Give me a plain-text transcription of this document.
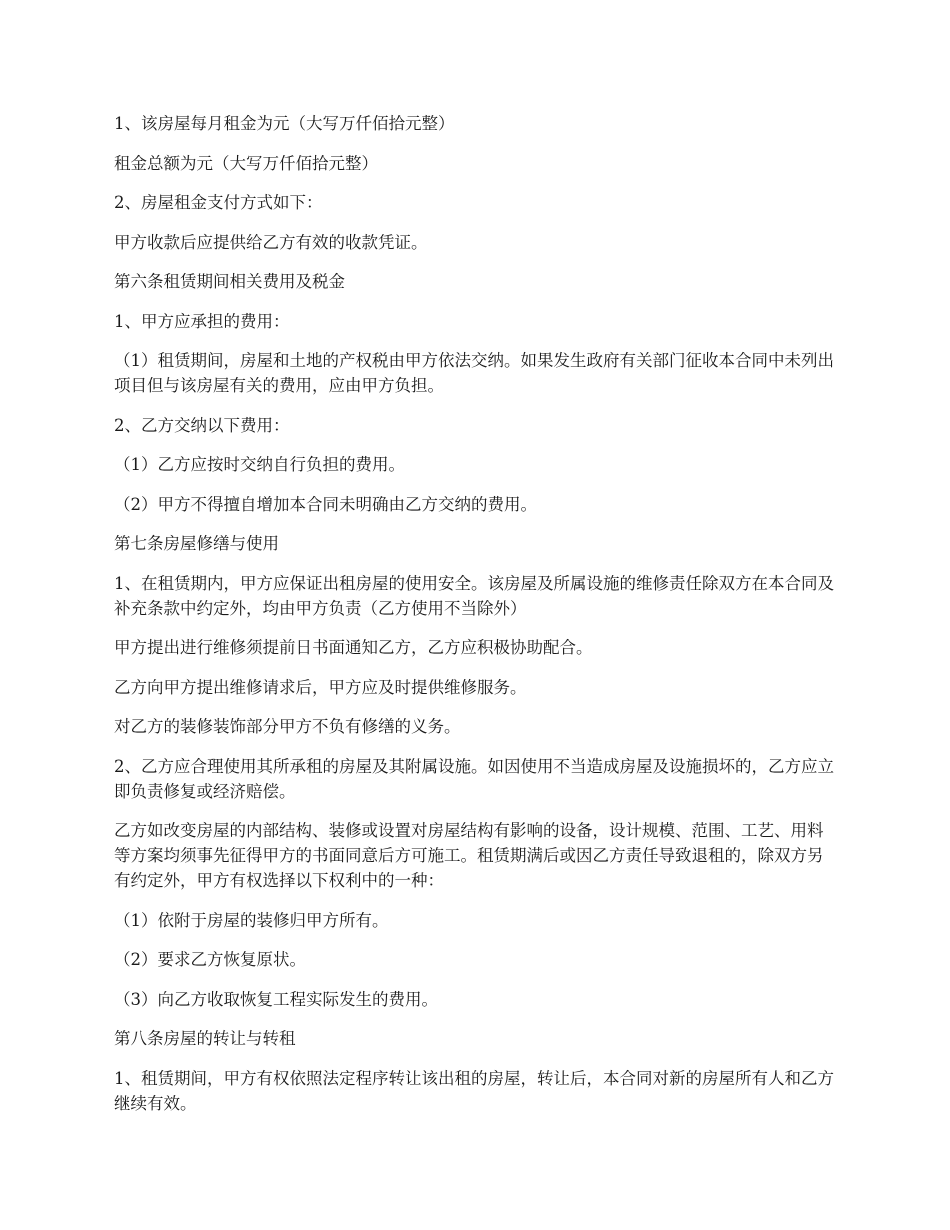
1、该房屋每月租金为元（大写万仟佰拾元整）

租金总额为元（大写万仟佰拾元整）

2、房屋租金支付方式如下：

甲方收款后应提供给乙方有效的收款凭证。

第六条租赁期间相关费用及税金

1、甲方应承担的费用：

（1）租赁期间，房屋和土地的产权税由甲方依法交纳。如果发生政府有关部门征收本合同中未列出项目但与该房屋有关的费用，应由甲方负担。

2、乙方交纳以下费用：

（1）乙方应按时交纳自行负担的费用。

（2）甲方不得擅自增加本合同未明确由乙方交纳的费用。

第七条房屋修缮与使用

1、在租赁期内，甲方应保证出租房屋的使用安全。该房屋及所属设施的维修责任除双方在本合同及补充条款中约定外，均由甲方负责（乙方使用不当除外）

甲方提出进行维修须提前日书面通知乙方，乙方应积极协助配合。

乙方向甲方提出维修请求后，甲方应及时提供维修服务。

对乙方的装修装饰部分甲方不负有修缮的义务。

2、乙方应合理使用其所承租的房屋及其附属设施。如因使用不当造成房屋及设施损坏的，乙方应立即负责修复或经济赔偿。

乙方如改变房屋的内部结构、装修或设置对房屋结构有影响的设备，设计规模、范围、工艺、用料等方案均须事先征得甲方的书面同意后方可施工。租赁期满后或因乙方责任导致退租的，除双方另有约定外，甲方有权选择以下权利中的一种：

（1）依附于房屋的装修归甲方所有。

（2）要求乙方恢复原状。

（3）向乙方收取恢复工程实际发生的费用。

第八条房屋的转让与转租

1、租赁期间，甲方有权依照法定程序转让该出租的房屋，转让后，本合同对新的房屋所有人和乙方继续有效。
